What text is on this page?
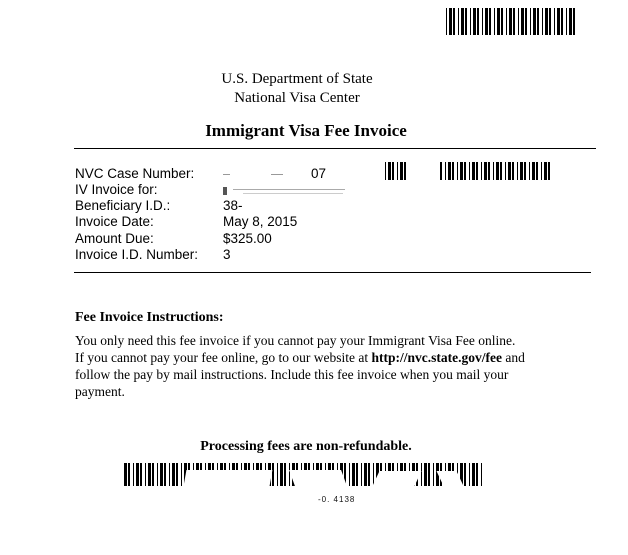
U.S. Department of State
National Visa Center
Immigrant Visa Fee Invoice
NVC Case Number:	07
IV Invoice for:
Beneficiary I.D.:	38-
Invoice Date:	May 8, 2015
Amount Due:	$325.00
Invoice I.D. Number: 3
Fee Invoice Instructions:
You only need this fee invoice if you cannot pay your Immigrant Visa Fee online.
If you cannot pay your fee online, go to our website at http://nvc.state.gov/fee and
follow the pay by mail instructions. Include this fee invoice when you mail your
payment.
Processing fees are non-refundable.
-0. 4138
